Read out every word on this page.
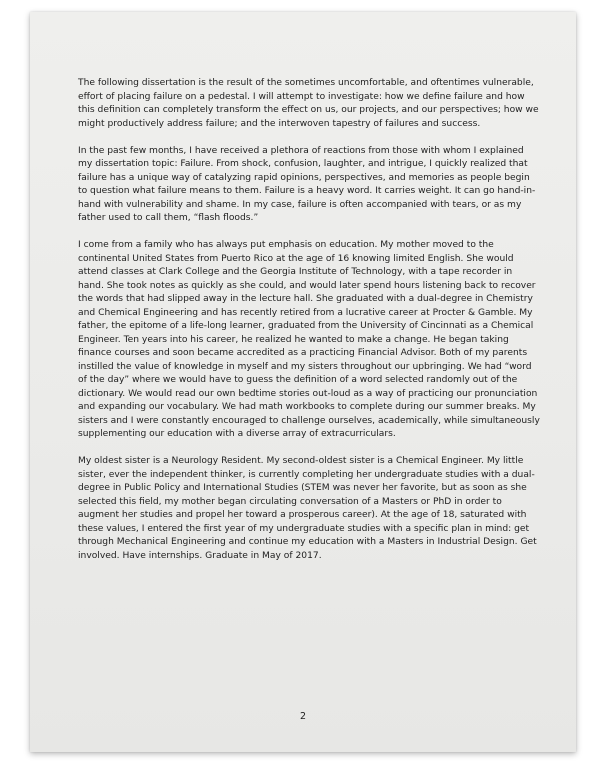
The following dissertation is the result of the sometimes uncomfortable, and oftentimes vulnerable, effort of placing failure on a pedestal. I will attempt to investigate: how we define failure and how this definition can completely transform the effect on us, our projects, and our perspectives; how we might productively address failure; and the interwoven tapestry of failures and success.

In the past few months, I have received a plethora of reactions from those with whom I explained my dissertation topic: Failure. From shock, confusion, laughter, and intrigue, I quickly realized that failure has a unique way of catalyzing rapid opinions, perspectives, and memories as people begin to question what failure means to them. Failure is a heavy word. It carries weight. It can go hand-in-hand with vulnerability and shame. In my case, failure is often accompanied with tears, or as my father used to call them, “flash floods.”

I come from a family who has always put emphasis on education. My mother moved to the continental United States from Puerto Rico at the age of 16 knowing limited English. She would attend classes at Clark College and the Georgia Institute of Technology, with a tape recorder in hand. She took notes as quickly as she could, and would later spend hours listening back to recover the words that had slipped away in the lecture hall. She graduated with a dual-degree in Chemistry and Chemical Engineering and has recently retired from a lucrative career at Procter & Gamble. My father, the epitome of a life-long learner, graduated from the University of Cincinnati as a Chemical Engineer. Ten years into his career, he realized he wanted to make a change. He began taking finance courses and soon became accredited as a practicing Financial Advisor. Both of my parents instilled the value of knowledge in myself and my sisters throughout our upbringing. We had “word of the day” where we would have to guess the definition of a word selected randomly out of the dictionary. We would read our own bedtime stories out-loud as a way of practicing our pronunciation and expanding our vocabulary. We had math workbooks to complete during our summer breaks. My sisters and I were constantly encouraged to challenge ourselves, academically, while simultaneously supplementing our education with a diverse array of extracurriculars.

My oldest sister is a Neurology Resident. My second-oldest sister is a Chemical Engineer. My little sister, ever the independent thinker, is currently completing her undergraduate studies with a dual-degree in Public Policy and International Studies (STEM was never her favorite, but as soon as she selected this field, my mother began circulating conversation of a Masters or PhD in order to augment her studies and propel her toward a prosperous career). At the age of 18, saturated with these values, I entered the first year of my undergraduate studies with a specific plan in mind: get through Mechanical Engineering and continue my education with a Masters in Industrial Design. Get involved. Have internships. Graduate in May of 2017.

2
